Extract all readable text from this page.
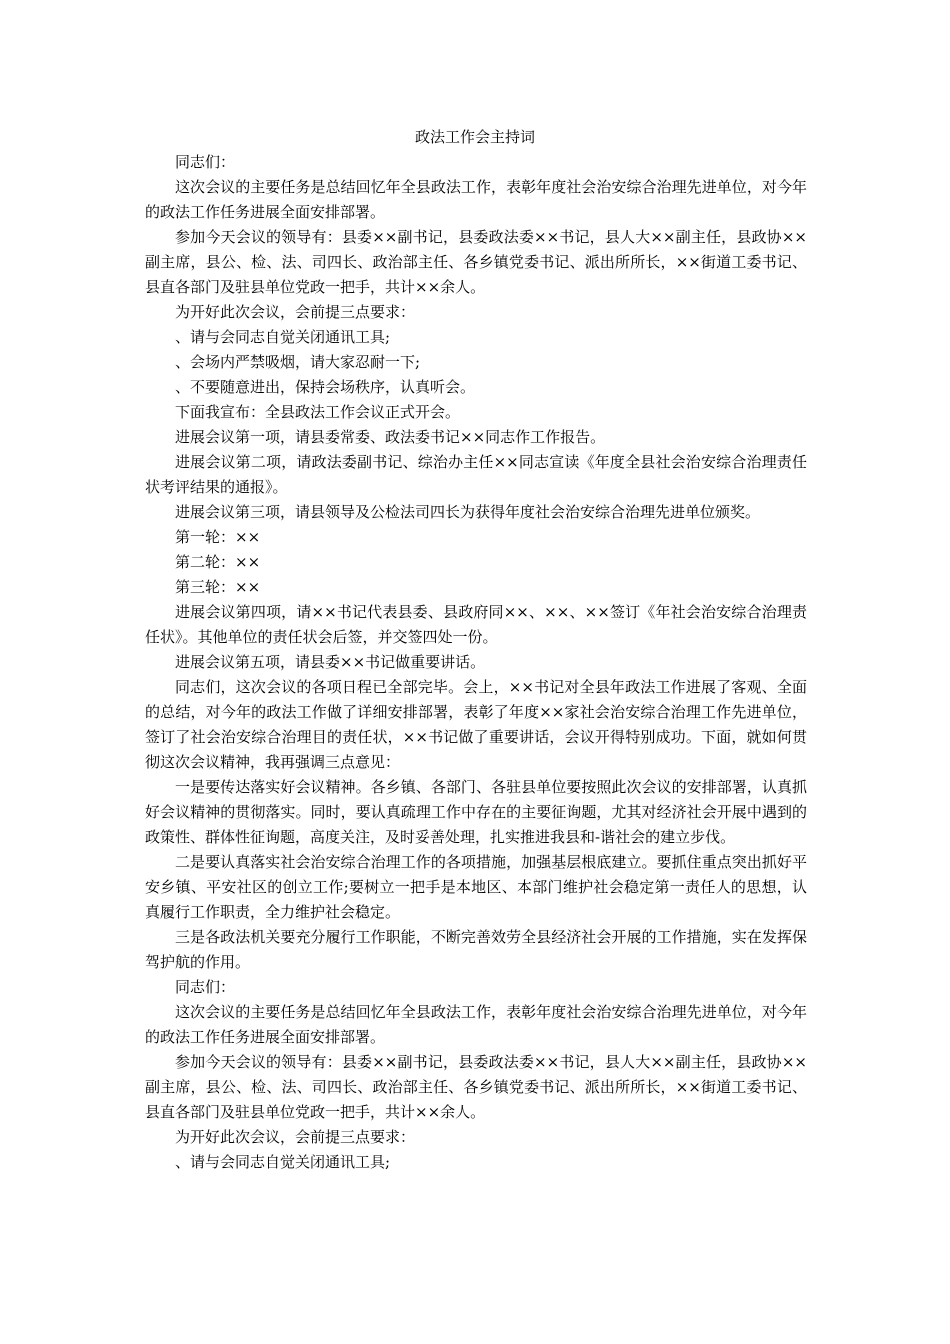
政法工作会主持词

同志们：

这次会议的主要任务是总结回忆年全县政法工作，表彰年度社会治安综合治理先进单位，对今年的政法工作任务进展全面安排部署。

参加今天会议的领导有：县委××副书记，县委政法委××书记，县人大××副主任，县政协××副主席，县公、检、法、司四长、政治部主任、各乡镇党委书记、派出所所长，××街道工委书记、县直各部门及驻县单位党政一把手，共计××余人。

为开好此次会议，会前提三点要求：

、请与会同志自觉关闭通讯工具;

、会场内严禁吸烟，请大家忍耐一下;

、不要随意进出，保持会场秩序，认真听会。

下面我宣布：全县政法工作会议正式开会。

进展会议第一项，请县委常委、政法委书记××同志作工作报告。

进展会议第二项，请政法委副书记、综治办主任××同志宣读《年度全县社会治安综合治理责任状考评结果的通报》。

进展会议第三项，请县领导及公检法司四长为获得年度社会治安综合治理先进单位颁奖。

第一轮：××

第二轮：××

第三轮：××

进展会议第四项，请××书记代表县委、县政府同××、××、××签订《年社会治安综合治理责任状》。其他单位的责任状会后签，并交签四处一份。

进展会议第五项，请县委××书记做重要讲话。

同志们，这次会议的各项日程已全部完毕。会上，××书记对全县年政法工作进展了客观、全面的总结，对今年的政法工作做了详细安排部署，表彰了年度××家社会治安综合治理工作先进单位，签订了社会治安综合治理目的责任状，××书记做了重要讲话，会议开得特别成功。下面，就如何贯彻这次会议精神，我再强调三点意见：

一是要传达落实好会议精神。各乡镇、各部门、各驻县单位要按照此次会议的安排部署，认真抓好会议精神的贯彻落实。同时，要认真疏理工作中存在的主要征询题，尤其对经济社会开展中遇到的政策性、群体性征询题，高度关注，及时妥善处理，扎实推进我县和-谐社会的建立步伐。

二是要认真落实社会治安综合治理工作的各项措施，加强基层根底建立。要抓住重点突出抓好平安乡镇、平安社区的创立工作;要树立一把手是本地区、本部门维护社会稳定第一责任人的思想，认真履行工作职责，全力维护社会稳定。

三是各政法机关要充分履行工作职能，不断完善效劳全县经济社会开展的工作措施，实在发挥保驾护航的作用。

同志们：

这次会议的主要任务是总结回忆年全县政法工作，表彰年度社会治安综合治理先进单位，对今年的政法工作任务进展全面安排部署。

参加今天会议的领导有：县委××副书记，县委政法委××书记，县人大××副主任，县政协××副主席，县公、检、法、司四长、政治部主任、各乡镇党委书记、派出所所长，××街道工委书记、县直各部门及驻县单位党政一把手，共计××余人。

为开好此次会议，会前提三点要求：

、请与会同志自觉关闭通讯工具;
